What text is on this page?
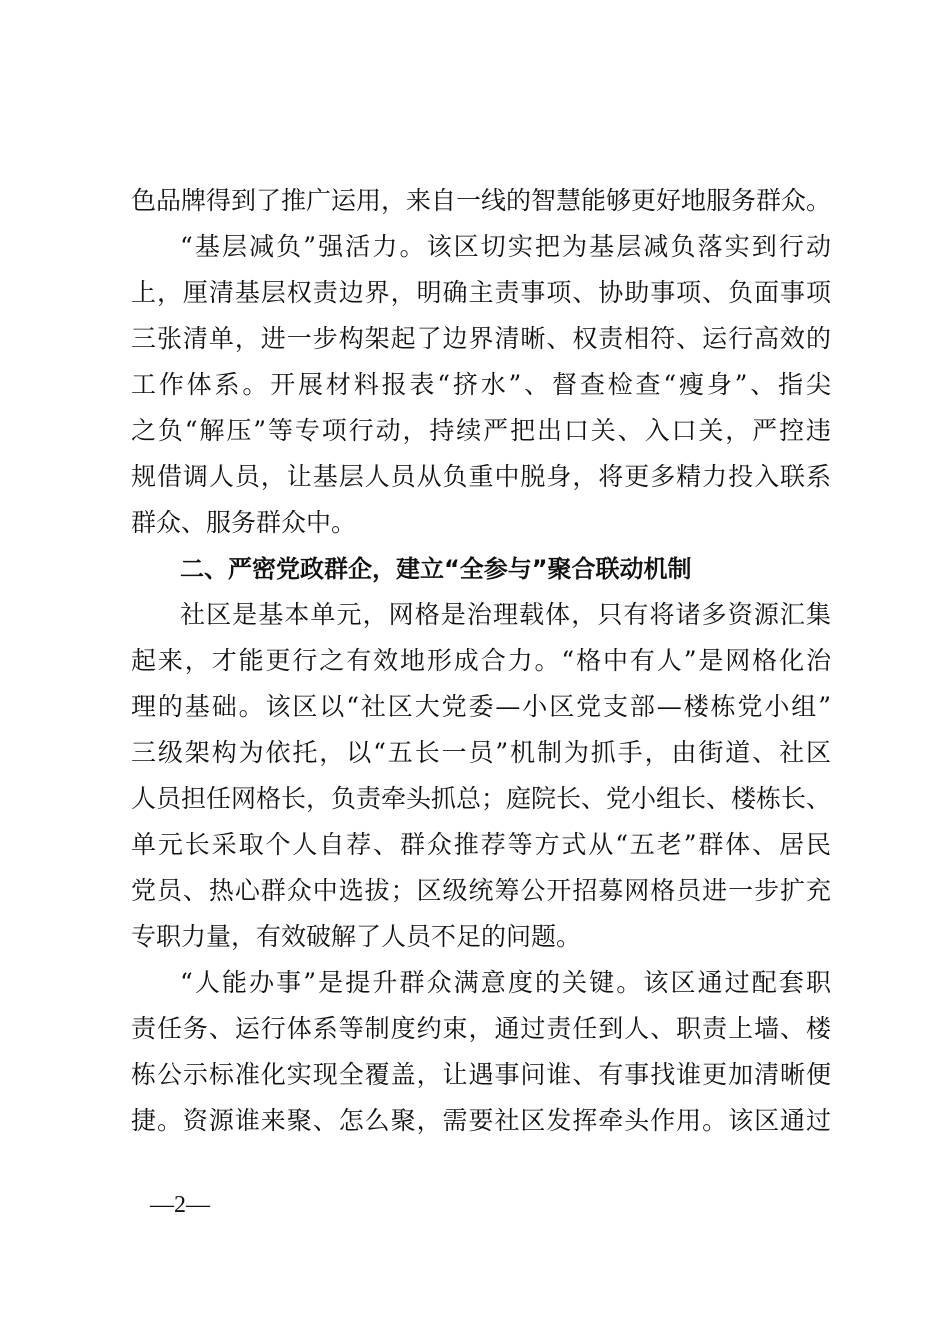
色品牌得到了推广运用，来自一线的智慧能够更好地服务群众。
“基层减负”强活力。该区切实把为基层减负落实到行动
上，厘清基层权责边界，明确主责事项、协助事项、负面事项
三张清单，进一步构架起了边界清晰、权责相符、运行高效的
工作体系。开展材料报表“挤水”、督查检查“瘦身”、指尖
之负“解压”等专项行动，持续严把出口关、入口关，严控违
规借调人员，让基层人员从负重中脱身，将更多精力投入联系
群众、服务群众中。
二、严密党政群企，建立“全参与”聚合联动机制
社区是基本单元，网格是治理载体，只有将诸多资源汇集
起来，才能更行之有效地形成合力。“格中有人”是网格化治
理的基础。该区以“社区大党委—小区党支部—楼栋党小组”
三级架构为依托，以“五长一员”机制为抓手，由街道、社区
人员担任网格长，负责牵头抓总；庭院长、党小组长、楼栋长、
单元长采取个人自荐、群众推荐等方式从“五老”群体、居民
党员、热心群众中选拔；区级统筹公开招募网格员进一步扩充
专职力量，有效破解了人员不足的问题。
“人能办事”是提升群众满意度的关键。该区通过配套职
责任务、运行体系等制度约束，通过责任到人、职责上墙、楼
栋公示标准化实现全覆盖，让遇事问谁、有事找谁更加清晰便
捷。资源谁来聚、怎么聚，需要社区发挥牵头作用。该区通过
—2—
